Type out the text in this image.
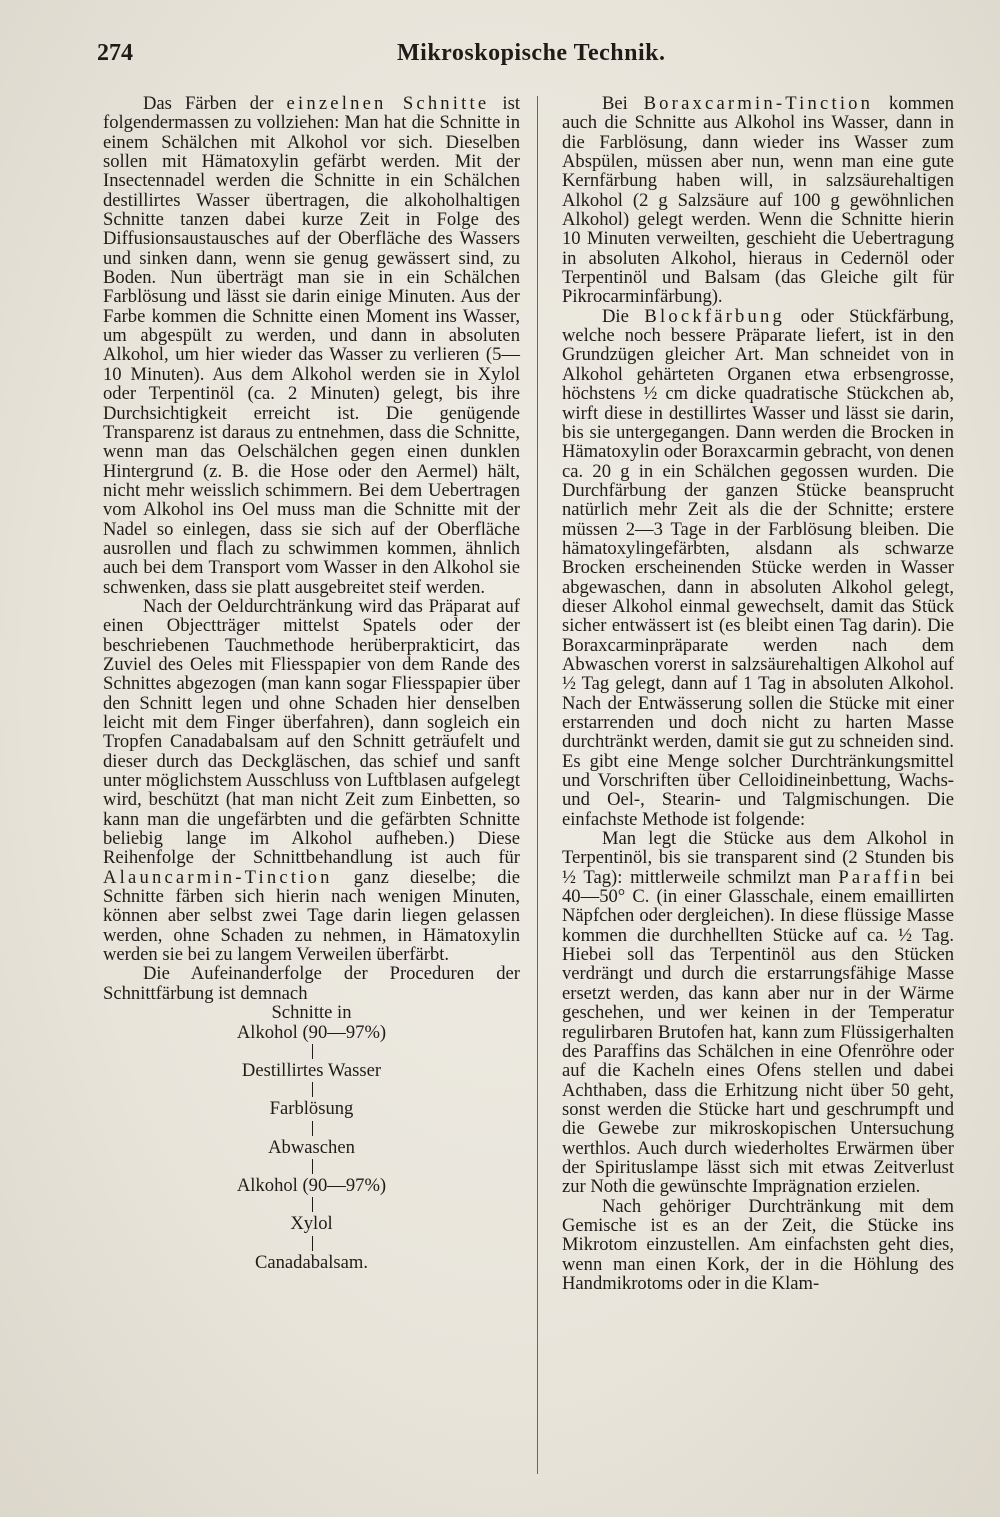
274	Mikroskopische Technik.

Das Färben der einzelnen Schnitte ist folgendermassen zu vollziehen: Man hat die Schnitte in einem Schälchen mit Alkohol vor sich. Dieselben sollen mit Hämatoxylin gefärbt werden. Mit der Insectennadel werden die Schnitte in ein Schälchen destillirtes Wasser übertragen, die alkoholhaltigen Schnitte tanzen dabei kurze Zeit in Folge des Diffusionsaustausches auf der Oberfläche des Wassers und sinken dann, wenn sie genug gewässert sind, zu Boden. Nun überträgt man sie in ein Schälchen Farblösung und lässt sie darin einige Minuten. Aus der Farbe kommen die Schnitte einen Moment ins Wasser, um abgespült zu werden, und dann in absoluten Alkohol, um hier wieder das Wasser zu verlieren (5—10 Minuten). Aus dem Alkohol werden sie in Xylol oder Terpentinöl (ca. 2 Minuten) gelegt, bis ihre Durchsichtigkeit erreicht ist. Die genügende Transparenz ist daraus zu entnehmen, dass die Schnitte, wenn man das Oelschälchen gegen einen dunklen Hintergrund (z. B. die Hose oder den Aermel) hält, nicht mehr weisslich schimmern. Bei dem Uebertragen vom Alkohol ins Oel muss man die Schnitte mit der Nadel so einlegen, dass sie sich auf der Oberfläche ausrollen und flach zu schwimmen kommen, ähnlich auch bei dem Transport vom Wasser in den Alkohol sie schwenken, dass sie platt ausgebreitet steif werden.

Nach der Oeldurchtränkung wird das Präparat auf einen Objectträger mittelst Spatels oder der beschriebenen Tauchmethode herüberprakticirt, das Zuviel des Oeles mit Fliesspapier von dem Rande des Schnittes abgezogen (man kann sogar Fliesspapier über den Schnitt legen und ohne Schaden hier denselben leicht mit dem Finger überfahren), dann sogleich ein Tropfen Canadabalsam auf den Schnitt geträufelt und dieser durch das Deckgläschen, das schief und sanft unter möglichstem Ausschluss von Luftblasen aufgelegt wird, beschützt (hat man nicht Zeit zum Einbetten, so kann man die ungefärbten und die gefärbten Schnitte beliebig lange im Alkohol aufheben.) Diese Reihenfolge der Schnittbehandlung ist auch für Alauncarmin-Tinction ganz dieselbe; die Schnitte färben sich hierin nach wenigen Minuten, können aber selbst zwei Tage darin liegen gelassen werden, ohne Schaden zu nehmen, in Hämatoxylin werden sie bei zu langem Verweilen überfärbt.

Die Aufeinanderfolge der Proceduren der Schnittfärbung ist demnach

Schnitte in
Alkohol (90—97%)
Destillirtes Wasser
Farblösung
Abwaschen
Alkohol (90—97%)
Xylol
Canadabalsam.

Bei Boraxcarmin-Tinction kommen auch die Schnitte aus Alkohol ins Wasser, dann in die Farblösung, dann wieder ins Wasser zum Abspülen, müssen aber nun, wenn man eine gute Kernfärbung haben will, in salzsäurehaltigen Alkohol (2 g Salzsäure auf 100 g gewöhnlichen Alkohol) gelegt werden. Wenn die Schnitte hierin 10 Minuten verweilten, geschieht die Uebertragung in absoluten Alkohol, hieraus in Cedernöl oder Terpentinöl und Balsam (das Gleiche gilt für Pikrocarminfärbung).

Die Blockfärbung oder Stückfärbung, welche noch bessere Präparate liefert, ist in den Grundzügen gleicher Art. Man schneidet von in Alkohol gehärteten Organen etwa erbsengrosse, höchstens ½ cm dicke quadratische Stückchen ab, wirft diese in destillirtes Wasser und lässt sie darin, bis sie untergegangen. Dann werden die Brocken in Hämatoxylin oder Boraxcarmin gebracht, von denen ca. 20 g in ein Schälchen gegossen wurden. Die Durchfärbung der ganzen Stücke beansprucht natürlich mehr Zeit als die der Schnitte; erstere müssen 2—3 Tage in der Farblösung bleiben. Die hämatoxylingefärbten, alsdann als schwarze Brocken erscheinenden Stücke werden in Wasser abgewaschen, dann in absoluten Alkohol gelegt, dieser Alkohol einmal gewechselt, damit das Stück sicher entwässert ist (es bleibt einen Tag darin). Die Boraxcarminpräparate werden nach dem Abwaschen vorerst in salzsäurehaltigen Alkohol auf ½ Tag gelegt, dann auf 1 Tag in absoluten Alkohol. Nach der Entwässerung sollen die Stücke mit einer erstarrenden und doch nicht zu harten Masse durchtränkt werden, damit sie gut zu schneiden sind. Es gibt eine Menge solcher Durchtränkungsmittel und Vorschriften über Celloidineinbettung, Wachs- und Oel-, Stearin- und Talgmischungen. Die einfachste Methode ist folgende:

Man legt die Stücke aus dem Alkohol in Terpentinöl, bis sie transparent sind (2 Stunden bis ½ Tag): mittlerweile schmilzt man Paraffin bei 40—50° C. (in einer Glasschale, einem emaillirten Näpfchen oder dergleichen). In diese flüssige Masse kommen die durchhellten Stücke auf ca. ½ Tag. Hiebei soll das Terpentinöl aus den Stücken verdrängt und durch die erstarrungsfähige Masse ersetzt werden, das kann aber nur in der Wärme geschehen, und wer keinen in der Temperatur regulirbaren Brutofen hat, kann zum Flüssigerhalten des Paraffins das Schälchen in eine Ofenröhre oder auf die Kacheln eines Ofens stellen und dabei Achthaben, dass die Erhitzung nicht über 50 geht, sonst werden die Stücke hart und geschrumpft und die Gewebe zur mikroskopischen Untersuchung werthlos. Auch durch wiederholtes Erwärmen über der Spirituslampe lässt sich mit etwas Zeitverlust zur Noth die gewünschte Imprägnation erzielen.

Nach gehöriger Durchtränkung mit dem Gemische ist es an der Zeit, die Stücke ins Mikrotom einzustellen. Am einfachsten geht dies, wenn man einen Kork, der in die Höhlung des Handmikrotoms oder in die Klam-
